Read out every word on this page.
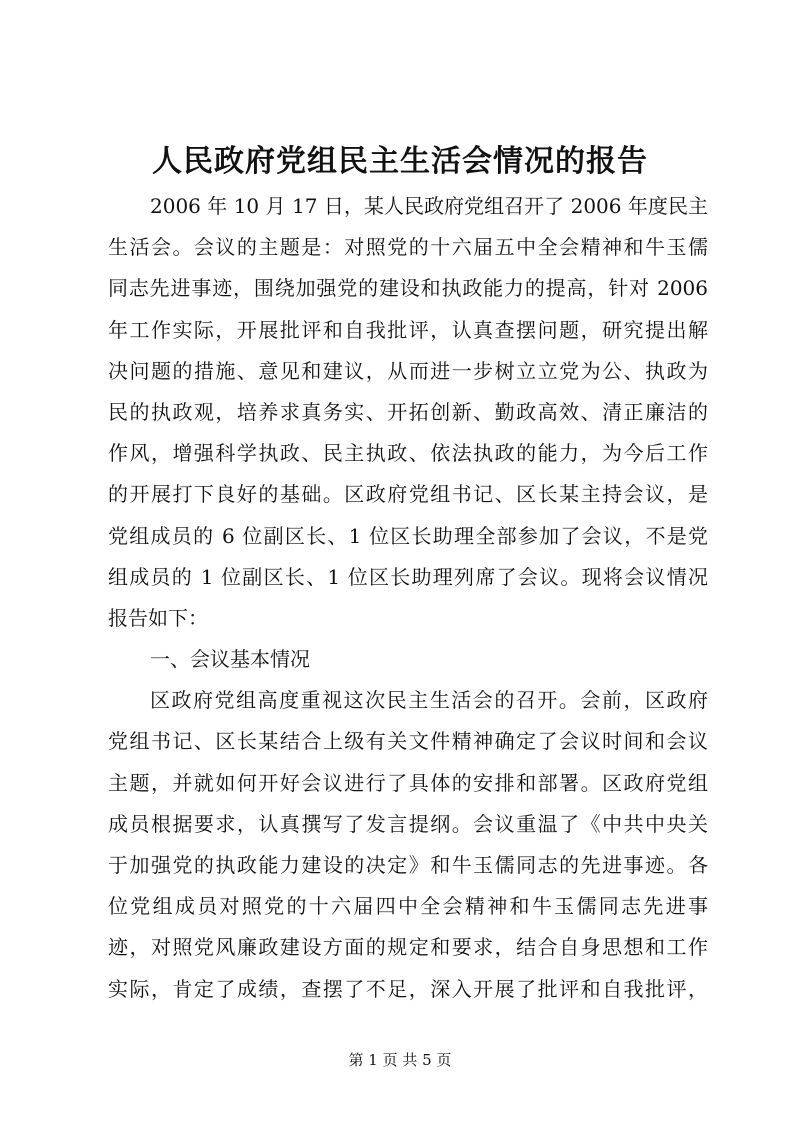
人民政府党组民主生活会情况的报告
2006 年 10 月 17 日，某人民政府党组召开了 2006 年度民主
生活会。会议的主题是：对照党的十六届五中全会精神和牛玉儒
同志先进事迹，围绕加强党的建设和执政能力的提高，针对 2006
年工作实际，开展批评和自我批评，认真查摆问题，研究提出解
决问题的措施、意见和建议，从而进一步树立立党为公、执政为
民的执政观，培养求真务实、开拓创新、勤政高效、清正廉洁的
作风，增强科学执政、民主执政、依法执政的能力，为今后工作
的开展打下良好的基础。区政府党组书记、区长某主持会议，是
党组成员的 6 位副区长、1 位区长助理全部参加了会议，不是党
组成员的 1 位副区长、1 位区长助理列席了会议。现将会议情况
报告如下：
一、会议基本情况
区政府党组高度重视这次民主生活会的召开。会前，区政府
党组书记、区长某结合上级有关文件精神确定了会议时间和会议
主题，并就如何开好会议进行了具体的安排和部署。区政府党组
成员根据要求，认真撰写了发言提纲。会议重温了《中共中央关
于加强党的执政能力建设的决定》和牛玉儒同志的先进事迹。各
位党组成员对照党的十六届四中全会精神和牛玉儒同志先进事
迹，对照党风廉政建设方面的规定和要求，结合自身思想和工作
实际，肯定了成绩，查摆了不足，深入开展了批评和自我批评，
第 1 页 共 5 页
